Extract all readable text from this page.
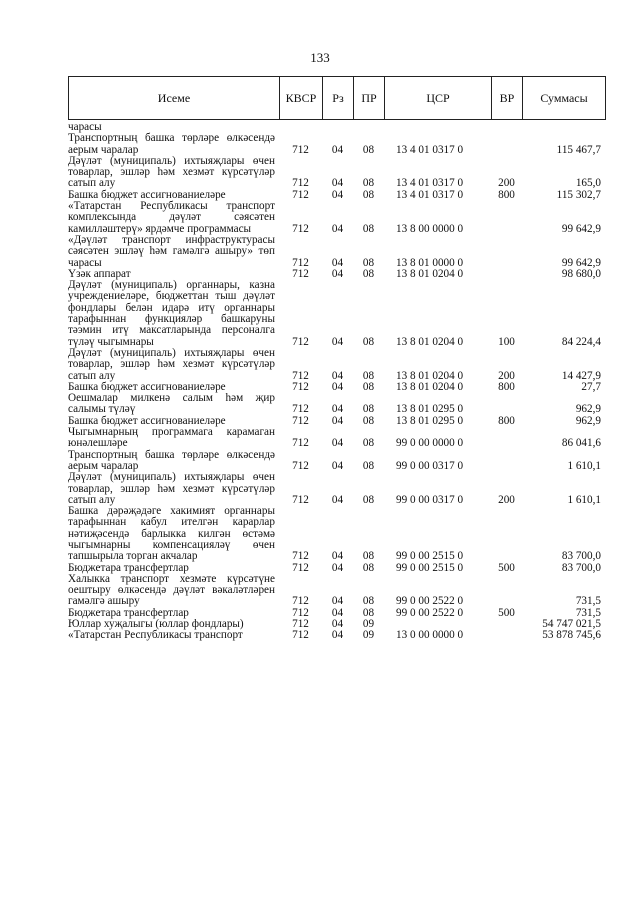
133
Исеме	КВСР	Рз	ПР	ЦСР	ВР	Суммасы
чарасы						
Транспортның башка төрләре өлкәсендә аерым чаралар	712	04	08	13 4 01 0317 0		115 467,7
Дәүләт (муниципаль) ихтыяҗлары өчен товарлар, эшләр һәм хезмәт күрсәтүләр сатып алу	712	04	08	13 4 01 0317 0	200	165,0
Башка бюджет ассигнованиеләре	712	04	08	13 4 01 0317 0	800	115 302,7
«Татарстан Республикасы транспорт комплексында дәүләт сәясәтен камилләштерү» ярдәмче программасы	712	04	08	13 8 00 0000 0		99 642,9
«Дәүләт транспорт инфраструктурасы сәясәтен эшләү һәм гамәлгә ашыру» төп чарасы	712	04	08	13 8 01 0000 0		99 642,9
Үзәк аппарат	712	04	08	13 8 01 0204 0		98 680,0
Дәүләт (муниципаль) органнары, казна учреждениеләре, бюджеттан тыш дәүләт фондлары белән идарә итү органнары тарафыннан функцияләр башкаруны тәэмин итү максатларында персоналга түләү чыгымнары	712	04	08	13 8 01 0204 0	100	84 224,4
Дәүләт (муниципаль) ихтыяҗлары өчен товарлар, эшләр һәм хезмәт күрсәтүләр сатып алу	712	04	08	13 8 01 0204 0	200	14 427,9
Башка бюджет ассигнованиеләре	712	04	08	13 8 01 0204 0	800	27,7
Оешмалар милкенә салым һәм җир салымы түләү	712	04	08	13 8 01 0295 0		962,9
Башка бюджет ассигнованиеләре	712	04	08	13 8 01 0295 0	800	962,9
Чыгымнарның программага карамаган юнәлешләре	712	04	08	99 0 00 0000 0		86 041,6
Транспортның башка төрләре өлкәсендә аерым чаралар	712	04	08	99 0 00 0317 0		1 610,1
Дәүләт (муниципаль) ихтыяҗлары өчен товарлар, эшләр һәм хезмәт күрсәтүләр сатып алу	712	04	08	99 0 00 0317 0	200	1 610,1
Башка дәрәҗәдәге хакимият органнары тарафыннан кабул ителгән карарлар нәтиҗәсендә барлыкка килгән өстәмә чыгымнарны компенсацияләү өчен тапшырыла торган акчалар	712	04	08	99 0 00 2515 0		83 700,0
Бюджетара трансфертлар	712	04	08	99 0 00 2515 0	500	83 700,0
Халыкка транспорт хезмәте күрсәтүне оештыру өлкәсендә дәүләт вәкаләтләрен гамәлгә ашыру	712	04	08	99 0 00 2522 0		731,5
Бюджетара трансфертлар	712	04	08	99 0 00 2522 0	500	731,5
Юллар хуҗалыгы (юллар фондлары)	712	04	09			54 747 021,5
«Татарстан Республикасы транспорт	712	04	09	13 0 00 0000 0		53 878 745,6
